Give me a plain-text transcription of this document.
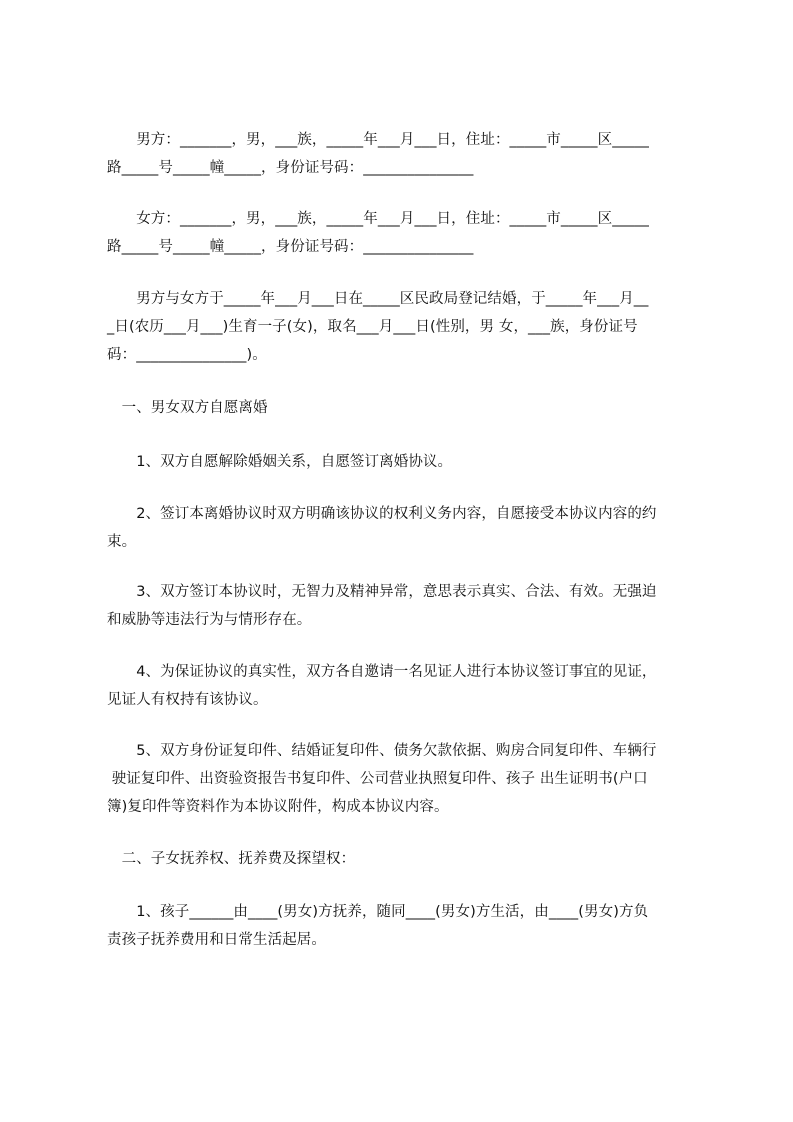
　　男方：_______，男，___族，_____年___月___日，住址：_____市_____区_____
路_____号_____幢_____，身份证号码：_______________
　　女方：_______，男，___族，_____年___月___日，住址：_____市_____区_____
路_____号_____幢_____，身份证号码：_______________
　　男方与女方于_____年___月___日在_____区民政局登记结婚，于_____年___月__
_日(农历___月___)生育一子(女)，取名___月___日(性别，男 女，___族，身份证号
码：_______________)。
　一、男女双方自愿离婚
　　1、双方自愿解除婚姻关系，自愿签订离婚协议。
　　2、签订本离婚协议时双方明确该协议的权利义务内容，自愿接受本协议内容的约
束。
　　3、双方签订本协议时，无智力及精神异常，意思表示真实、合法、有效。无强迫
和威胁等违法行为与情形存在。
　　4、为保证协议的真实性，双方各自邀请一名见证人进行本协议签订事宜的见证，
见证人有权持有该协议。
　　5、双方身份证复印件、结婚证复印件、债务欠款依据、购房合同复印件、车辆行
驶证复印件、出资验资报告书复印件、公司营业执照复印件、孩子 出生证明书(户口
簿)复印件等资料作为本协议附件，构成本协议内容。
　二、子女抚养权、抚养费及探望权：
　　1、孩子______由____(男女)方抚养，随同____(男女)方生活，由____(男女)方负
责孩子抚养费用和日常生活起居。
